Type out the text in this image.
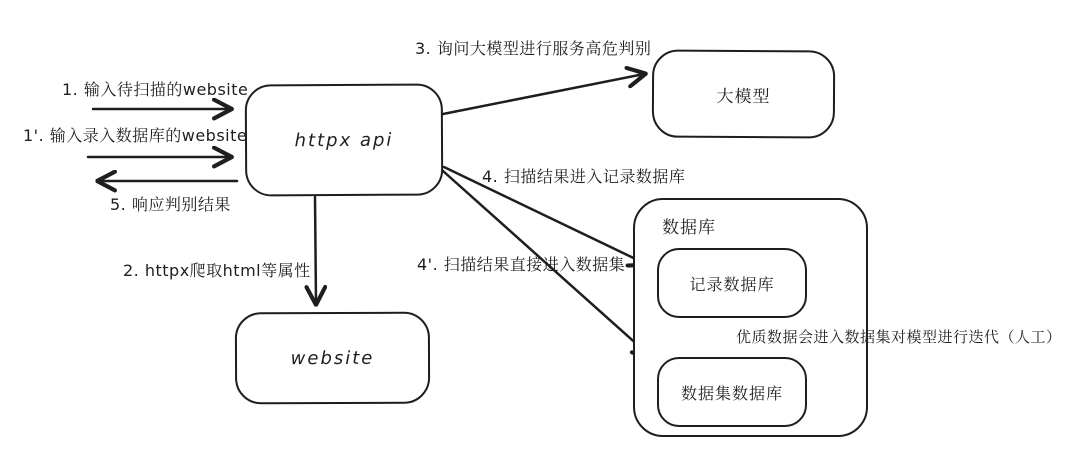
httpx api
大模型
website
数据库
记录数据库
数据集数据库
1. 输入待扫描的website
1'. 输入录入数据库的website
5. 响应判别结果
3. 询问大模型进行服务高危判别
4. 扫描结果进入记录数据库
4'. 扫描结果直接进入数据集
2. httpx爬取html等属性
优质数据会进入数据集对模型进行迭代（人工）
